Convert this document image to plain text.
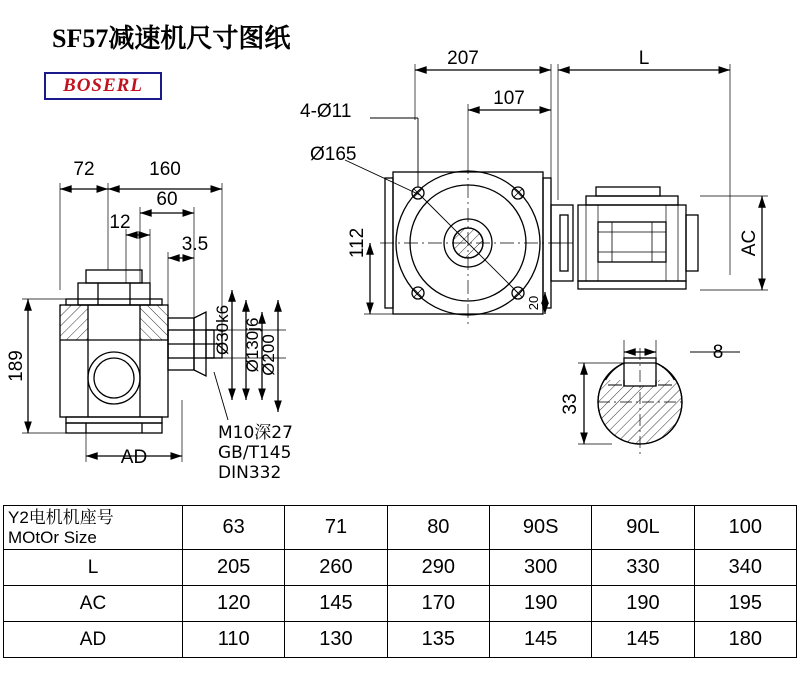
SF57减速机尺寸图纸
BOSERL
207	L
107
4-Ø11
Ø165
112
20
AC
72	160
60
12
3.5
189
Ø30k6 Ø130j6
Ø200
AD
8
33
M10深27
GB/T145
DIN332
Y2电机机座号
MOtOr Size	63	71	80	90S	90L	100
L	205	260	290	300	330	340
AC	120	145	170	190	190	195
AD	110	130	135	145	145	180
